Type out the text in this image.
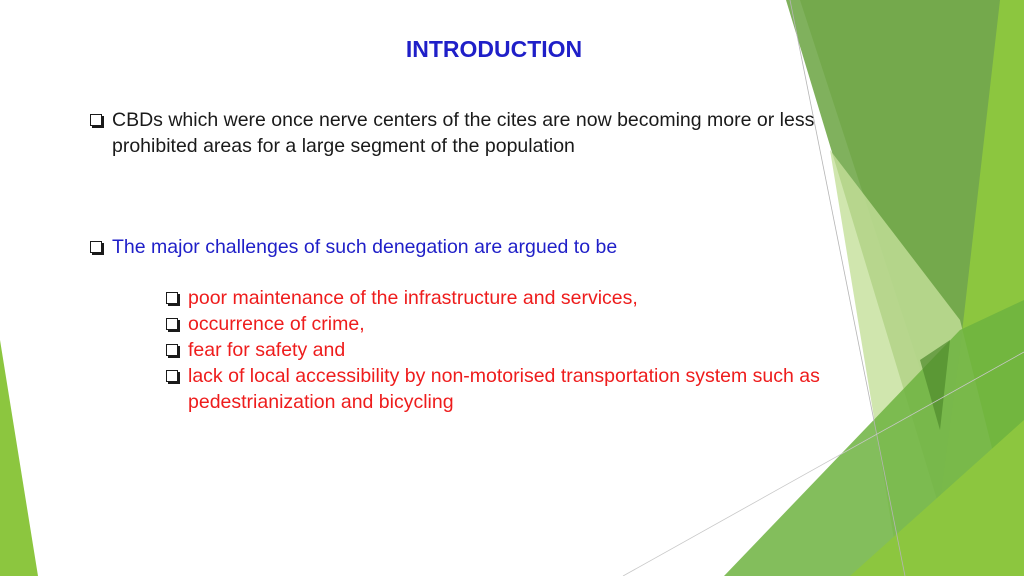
INTRODUCTION
CBDs which were once nerve centers of the cites are now becoming more or less prohibited areas for a large segment of the population
The major challenges of such denegation are argued to be
poor maintenance of the infrastructure and services,
occurrence of crime,
fear for safety and
lack of local accessibility by non-motorised transportation system such as pedestrianization and bicycling
